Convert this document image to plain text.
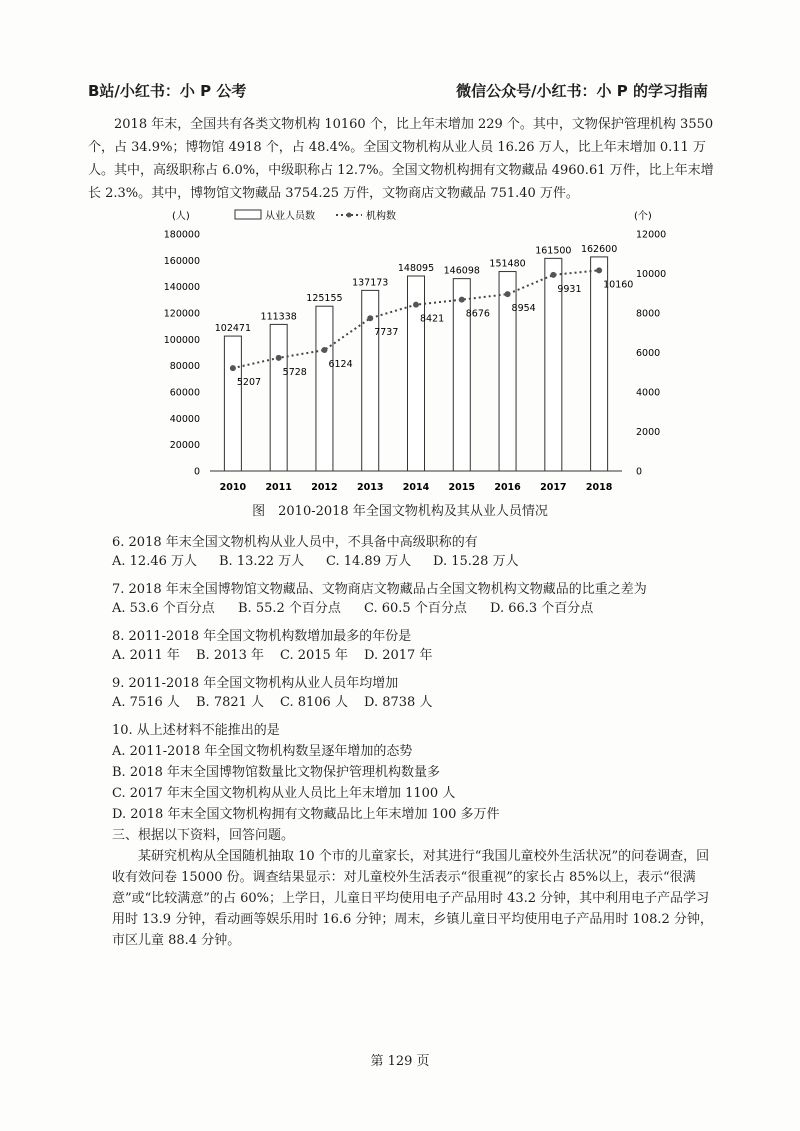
B站/小红书：小 P 公考	微信公众号/小红书：小 P 的学习指南

2018 年末，全国共有各类文物机构 10160 个，比上年末增加 229 个。其中，文物保护管理机构 3550 个，占 34.9%；博物馆 4918 个，占 48.4%。全国文物机构从业人员 16.26 万人，比上年末增加 0.11 万人。其中，高级职称占 6.0%，中级职称占 12.7%。全国文物机构拥有文物藏品 4960.61 万件，比上年末增长 2.3%。其中，博物馆文物藏品 3754.25 万件，文物商店文物藏品 751.40 万件。

从业人员数	机构数
(人)	(个)
0
20000
40000
60000
80000
100000
120000
140000
160000
180000
0
2000
4000
6000
8000
10000
12000
102471
111338
125155
137173
148095 146098
151480
161500 162600
5207
5728
6124
7737
8421 8676 8954
9931 10160
2010 2011 2012 2013 2014 2015 2016 2017 2018
图　2010-2018 年全国文物机构及其从业人员情况
6. 2018 年末全国文物机构从业人员中，不具备中高级职称的有
A. 12.46 万人 B. 13.22 万人 C. 14.89 万人 D. 15.28 万人
7. 2018 年末全国博物馆文物藏品、文物商店文物藏品占全国文物机构文物藏品的比重之差为
A. 53.6 个百分点 B. 55.2 个百分点 C. 60.5 个百分点 D. 66.3 个百分点
8. 2011-2018 年全国文物机构数增加最多的年份是
A. 2011 年 B. 2013 年 C. 2015 年 D. 2017 年
9. 2011-2018 年全国文物机构从业人员年均增加
A. 7516 人 B. 7821 人 C. 8106 人 D. 8738 人
10. 从上述材料不能推出的是
A. 2011-2018 年全国文物机构数呈逐年增加的态势
B. 2018 年末全国博物馆数量比文物保护管理机构数量多
C. 2017 年末全国文物机构从业人员比上年末增加 1100 人
D. 2018 年末全国文物机构拥有文物藏品比上年末增加 100 多万件
三、根据以下资料，回答问题。

某研究机构从全国随机抽取 10 个市的儿童家长，对其进行“我国儿童校外生活状况”的问卷调查，回收有效问卷 15000 份。调查结果显示：对儿童校外生活表示“很重视”的家长占 85%以上，表示“很满意”或“比较满意”的占 60%；上学日，儿童日平均使用电子产品用时 43.2 分钟，其中利用电子产品学习用时 13.9 分钟，看动画等娱乐用时 16.6 分钟；周末，乡镇儿童日平均使用电子产品用时 108.2 分钟，市区儿童 88.4 分钟。

第 129 页
